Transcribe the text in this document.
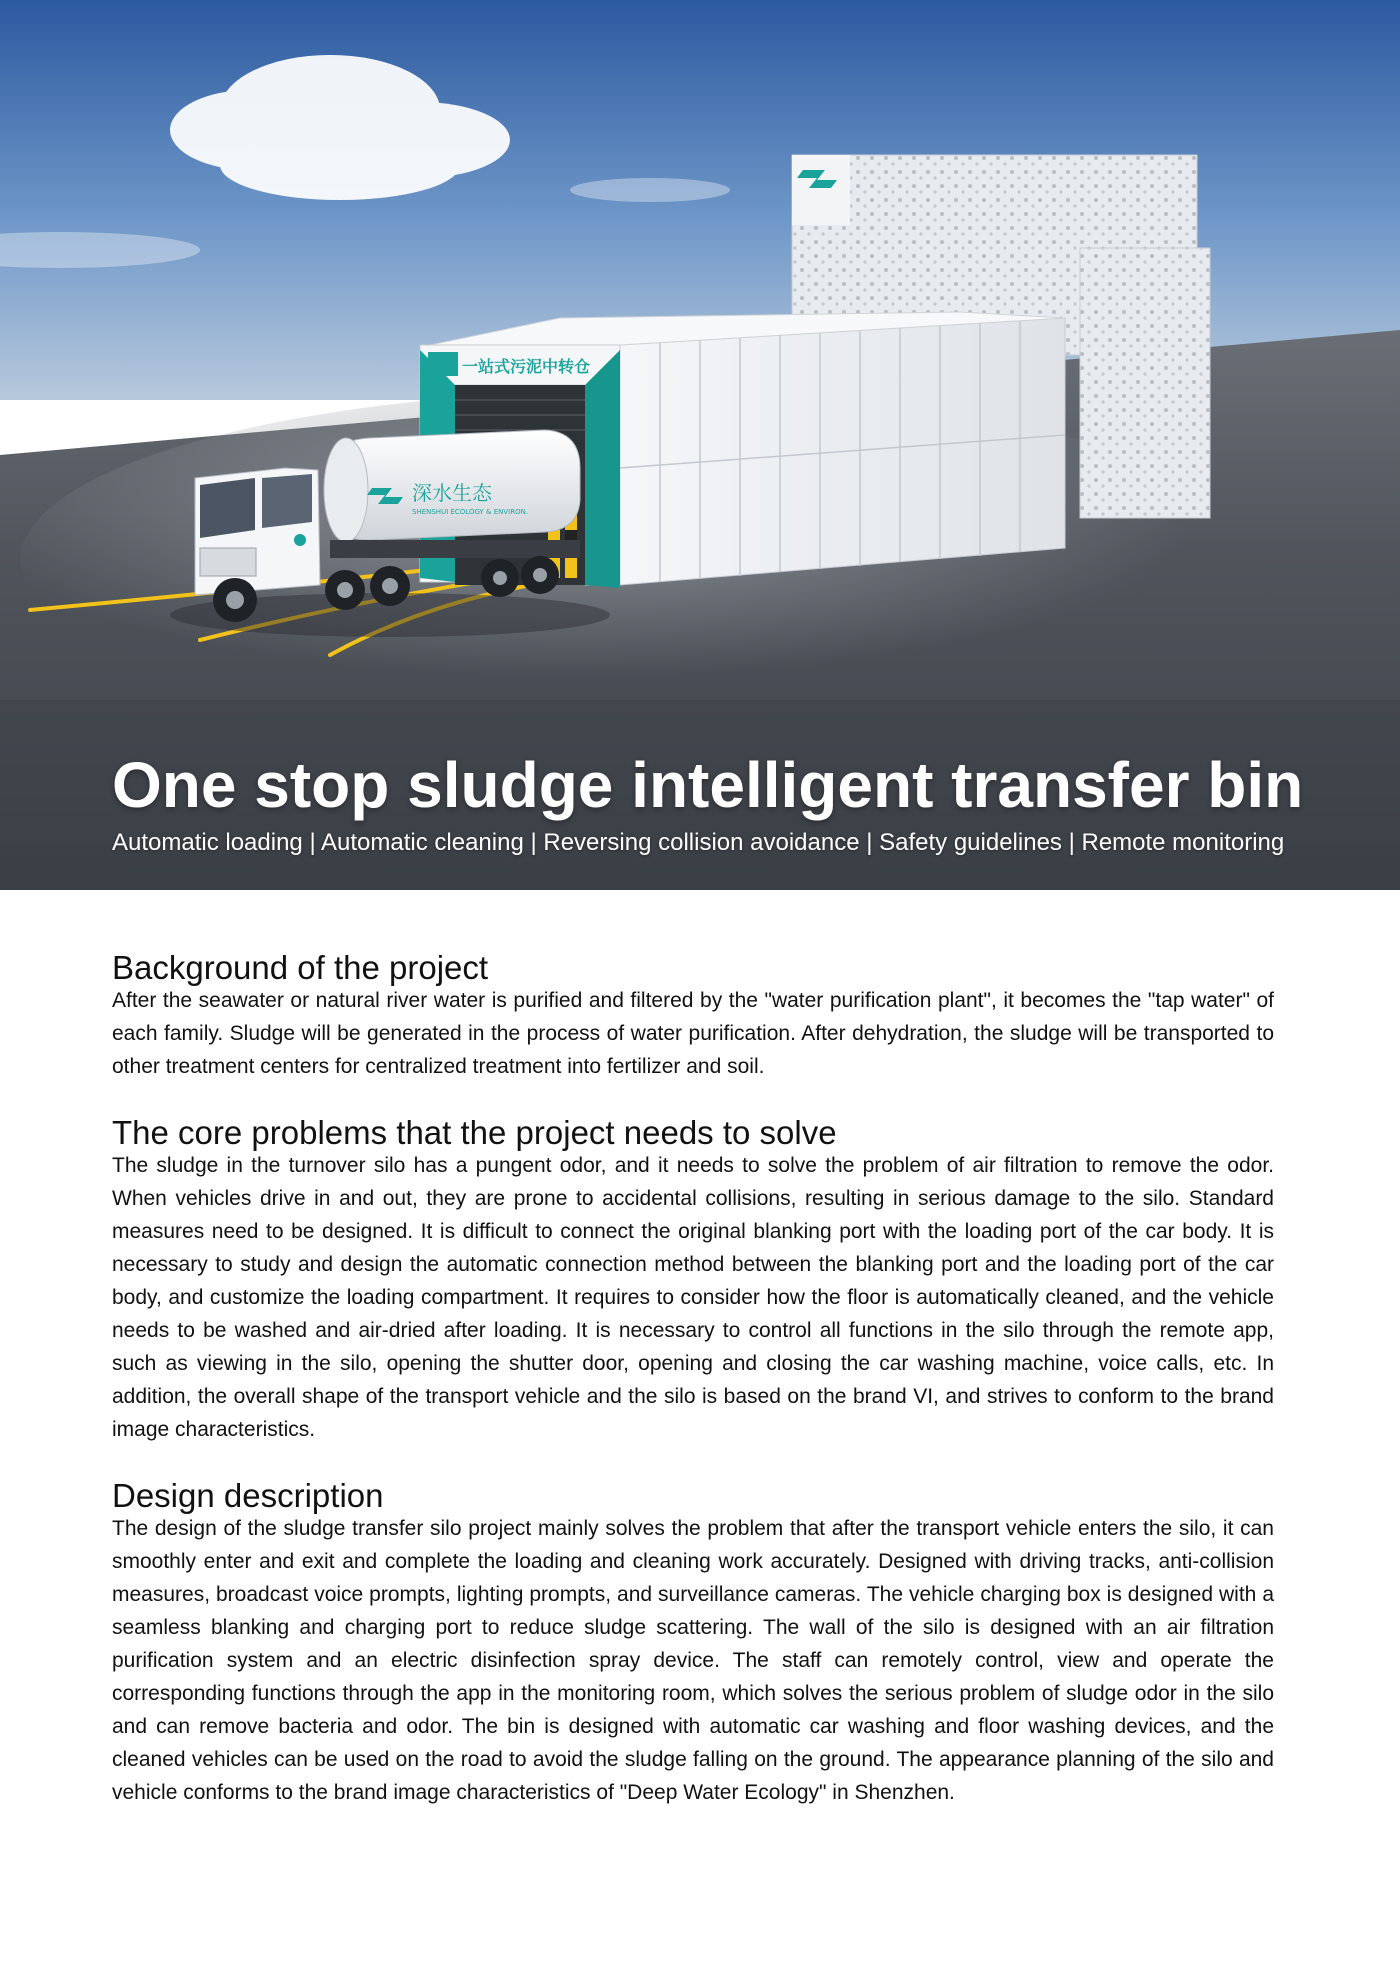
一站式污泥中转仓
深水生态
SHENSHUI ECOLOGY & ENVIRON.
One stop sludge intelligent transfer bin
Automatic loading | Automatic cleaning | Reversing collision avoidance | Safety guidelines | Remote monitoring
Background of the project

After the seawater or natural river water is purified and filtered by the "water purification plant", it becomes the "tap water" of each family. Sludge will be generated in the process of water purification. After dehydration, the sludge will be transported to other treatment centers for centralized treatment into fertilizer and soil.

The core problems that the project needs to solve

The sludge in the turnover silo has a pungent odor, and it needs to solve the problem of air filtration to remove the odor. When vehicles drive in and out, they are prone to accidental collisions, resulting in serious damage to the silo. Standard measures need to be designed. It is difficult to connect the original blanking port with the loading port of the car body. It is necessary to study and design the automatic connection method between the blanking port and the loading port of the car body, and customize the loading compartment. It requires to consider how the floor is automatically cleaned, and the vehicle needs to be washed and air-dried after loading. It is necessary to control all functions in the silo through the remote app, such as viewing in the silo, opening the shutter door, opening and closing the car washing machine, voice calls, etc. In addition, the overall shape of the transport vehicle and the silo is based on the brand VI, and strives to conform to the brand image characteristics.

Design description

The design of the sludge transfer silo project mainly solves the problem that after the transport vehicle enters the silo, it can smoothly enter and exit and complete the loading and cleaning work accurately. Designed with driving tracks, anti-collision measures, broadcast voice prompts, lighting prompts, and surveillance cameras. The vehicle charging box is designed with a seamless blanking and charging port to reduce sludge scattering. The wall of the silo is designed with an air filtration purification system and an electric disinfection spray device. The staff can remotely control, view and operate the corresponding functions through the app in the monitoring room, which solves the serious problem of sludge odor in the silo and can remove bacteria and odor. The bin is designed with automatic car washing and floor washing devices, and the cleaned vehicles can be used on the road to avoid the sludge falling on the ground. The appearance planning of the silo and vehicle conforms to the brand image characteristics of "Deep Water Ecology" in Shenzhen.
